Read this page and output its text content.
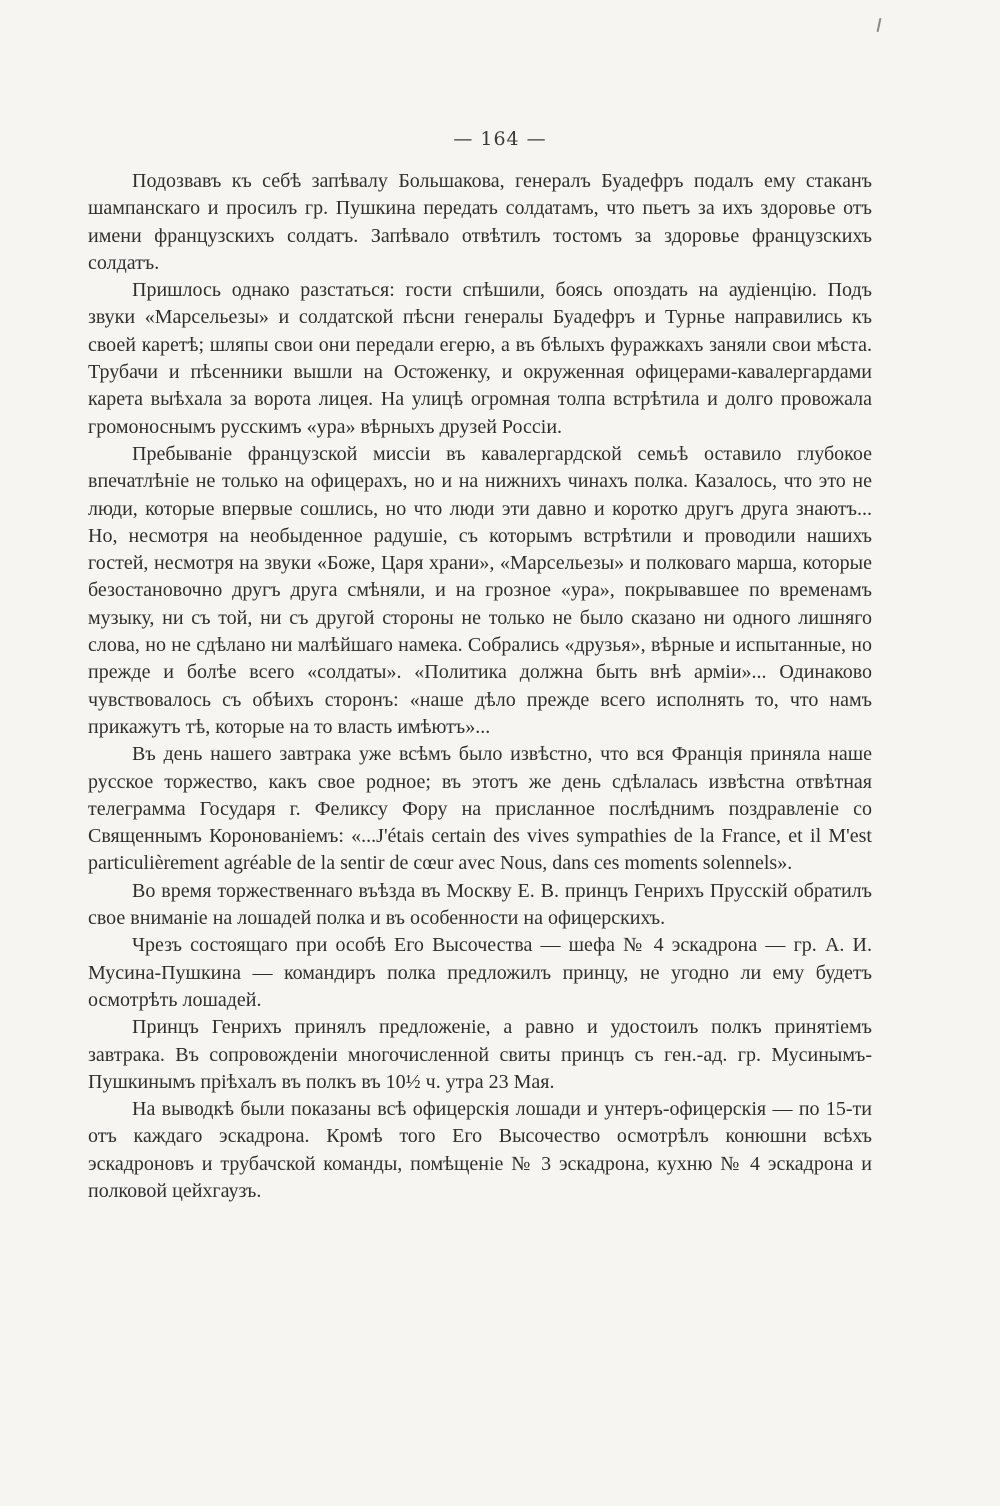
— 164 —

Подозвавъ къ себѣ запѣвалу Большакова, генералъ Буадефръ подалъ ему стаканъ шампанскаго и просилъ гр. Пушкина передать солдатамъ, что пьетъ за ихъ здоровье отъ имени французскихъ солдатъ. Запѣвало отвѣтилъ тостомъ за здоровье французскихъ солдатъ.

Пришлось однако разстаться: гости спѣшили, боясь опоздать на аудіенцію. Подъ звуки «Марсельезы» и солдатской пѣсни генералы Буадефръ и Турнье направились къ своей каретѣ; шляпы свои они передали егерю, а въ бѣлыхъ фуражкахъ заняли свои мѣста. Трубачи и пѣсенники вышли на Остоженку, и окруженная офицерами-кавалергардами карета выѣхала за ворота лицея. На улицѣ огромная толпа встрѣтила и долго провожала громоноснымъ русскимъ «ура» вѣрныхъ друзей Россіи.

Пребываніе французской миссіи въ кавалергардской семьѣ оставило глубокое впечатлѣніе не только на офицерахъ, но и на нижнихъ чинахъ полка. Казалось, что это не люди, которые впервые сошлись, но что люди эти давно и коротко другъ друга знаютъ... Но, несмотря на необыденное радушіе, съ которымъ встрѣтили и проводили нашихъ гостей, несмотря на звуки «Боже, Царя храни», «Марсельезы» и полковаго марша, которые безостановочно другъ друга смѣняли, и на грозное «ура», покрывавшее по временамъ музыку, ни съ той, ни съ другой стороны не только не было сказано ни одного лишняго слова, но не сдѣлано ни малѣйшаго намека. Собрались «друзья», вѣрные и испытанные, но прежде и болѣе всего «солдаты». «Политика должна быть внѣ арміи»... Одинаково чувствовалось съ обѣихъ сторонъ: «наше дѣло прежде всего исполнять то, что намъ прикажутъ тѣ, которые на то власть имѣютъ»...

Въ день нашего завтрака уже всѣмъ было извѣстно, что вся Франція приняла наше русское торжество, какъ свое родное; въ этотъ же день сдѣлалась извѣстна отвѣтная телеграмма Государя г. Феликсу Фору на присланное послѣднимъ поздравленіе со Священнымъ Коронованіемъ: «...J'étais certain des vives sympathies de la France, et il M'est particulièrement agréable de la sentir de cœur avec Nous, dans ces moments solennels».

Во время торжественнаго въѣзда въ Москву Е. В. принцъ Генрихъ Прусскій обратилъ свое вниманіе на лошадей полка и въ особенности на офицерскихъ.

Чрезъ состоящаго при особѣ Его Высочества — шефа № 4 эскадрона — гр. А. И. Мусина-Пушкина — командиръ полка предложилъ принцу, не угодно ли ему будетъ осмотрѣть лошадей.

Принцъ Генрихъ принялъ предложеніе, а равно и удостоилъ полкъ принятіемъ завтрака. Въ сопровожденіи многочисленной свиты принцъ съ ген.-ад. гр. Мусинымъ-Пушкинымъ пріѣхалъ въ полкъ въ 10½ ч. утра 23 Мая.

На выводкѣ были показаны всѣ офицерскія лошади и унтеръ-офицерскія — по 15-ти отъ каждаго эскадрона. Кромѣ того Его Высочество осмотрѣлъ конюшни всѣхъ эскадроновъ и трубачской команды, помѣщеніе № 3 эскадрона, кухню № 4 эскадрона и полковой цейхгаузъ.
